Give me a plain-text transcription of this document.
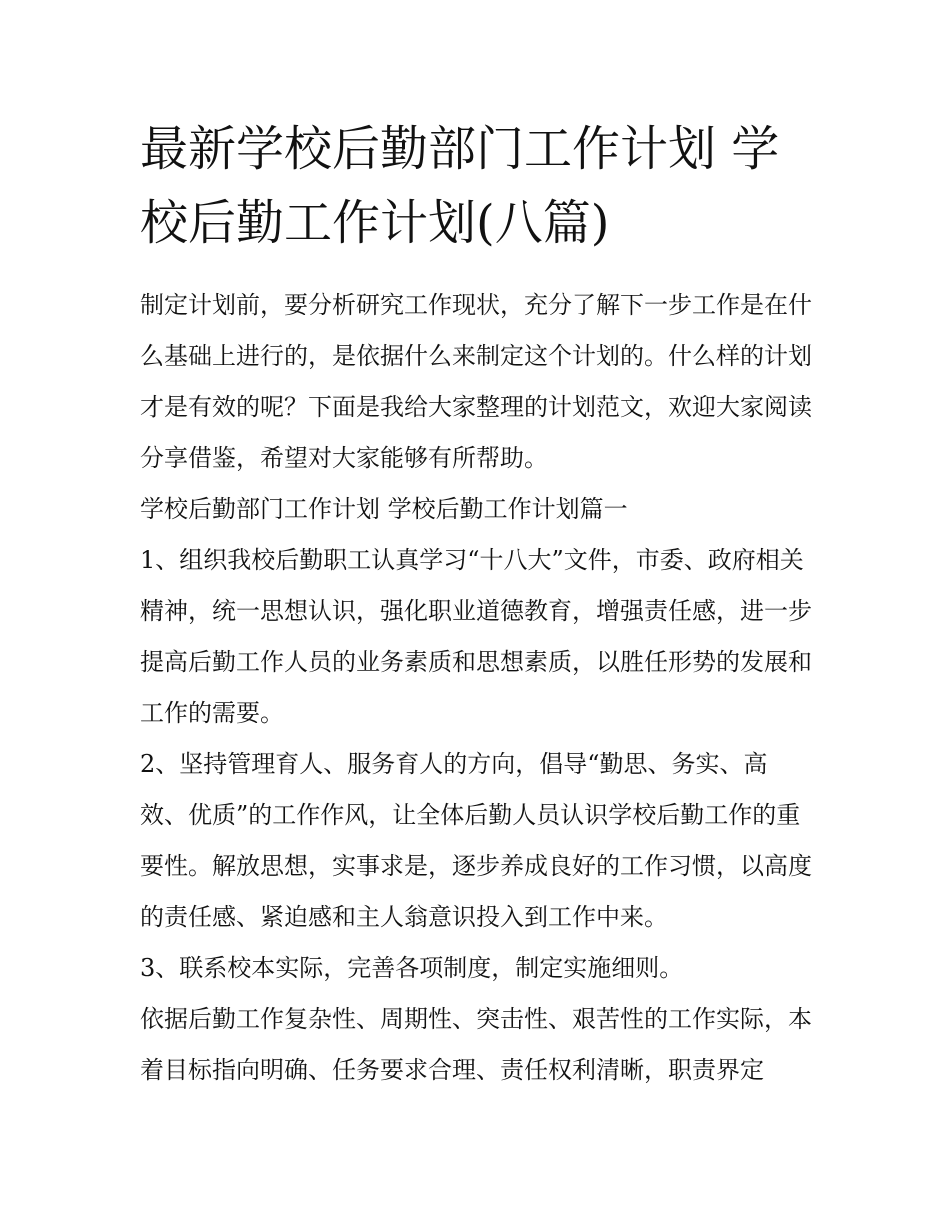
最新学校后勤部门工作计划 学校后勤工作计划(八篇)

制定计划前，要分析研究工作现状，充分了解下一步工作是在什么基础上进行的，是依据什么来制定这个计划的。什么样的计划才是有效的呢？下面是我给大家整理的计划范文，欢迎大家阅读分享借鉴，希望对大家能够有所帮助。

学校后勤部门工作计划 学校后勤工作计划篇一

1、组织我校后勤职工认真学习“十八大”文件，市委、政府相关精神，统一思想认识，强化职业道德教育，增强责任感，进一步提高后勤工作人员的业务素质和思想素质，以胜任形势的发展和工作的需要。

2、坚持管理育人、服务育人的方向，倡导“勤思、务实、高效、优质”的工作作风，让全体后勤人员认识学校后勤工作的重要性。解放思想，实事求是，逐步养成良好的工作习惯，以高度的责任感、紧迫感和主人翁意识投入到工作中来。

3、联系校本实际，完善各项制度，制定实施细则。

依据后勤工作复杂性、周期性、突击性、艰苦性的工作实际，本着目标指向明确、任务要求合理、责任权利清晰，职责界定
